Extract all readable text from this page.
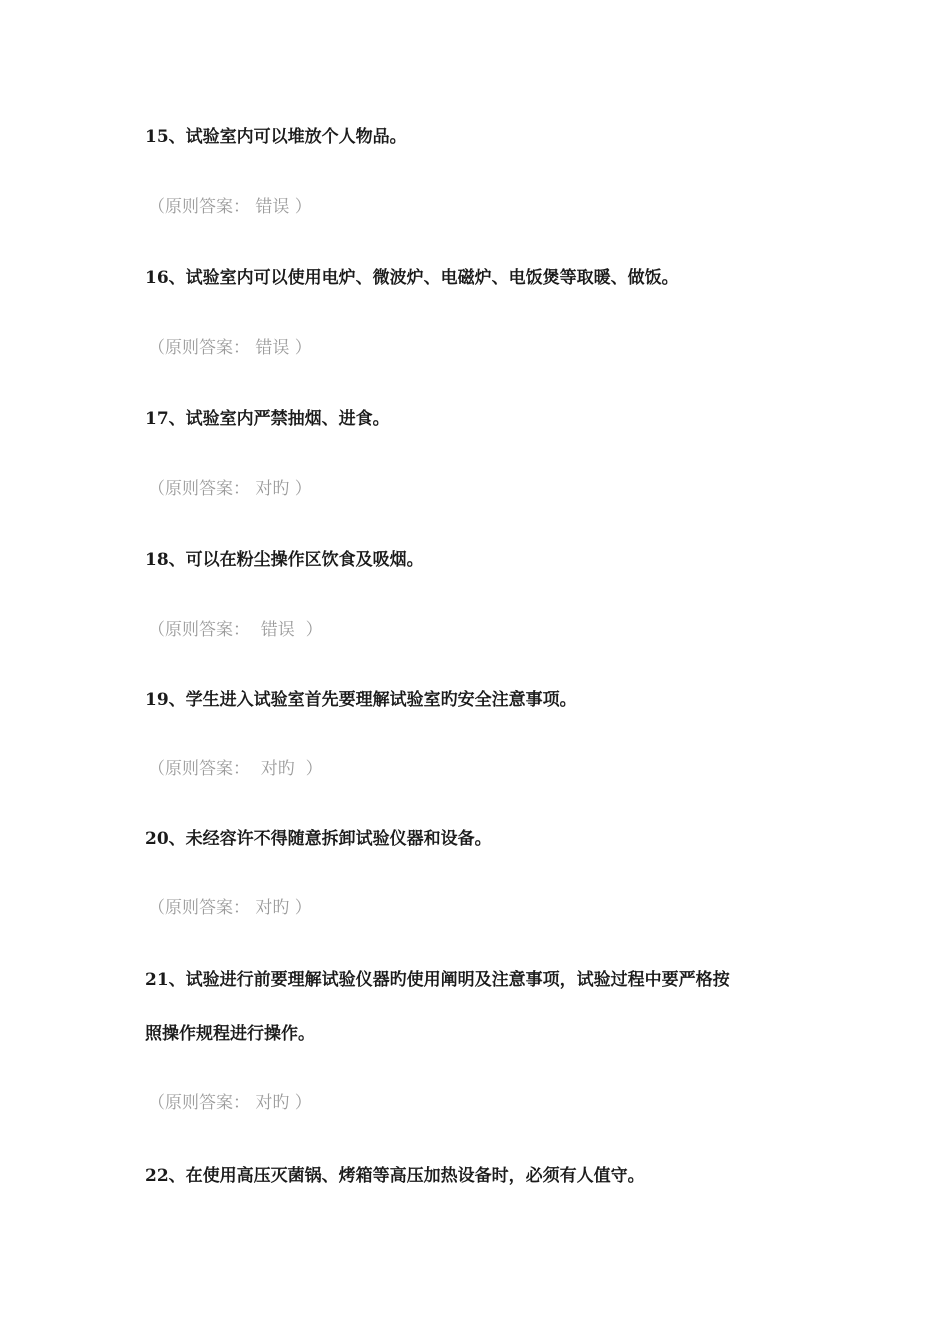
15、试验室内可以堆放个人物品。

（原则答案： 错误 ）

16、试验室内可以使用电炉、微波炉、电磁炉、电饭煲等取暖、做饭。

（原则答案： 错误 ）

17、试验室内严禁抽烟、进食。

（原则答案： 对旳 ）

18、可以在粉尘操作区饮食及吸烟。

（原则答案：  错误  ）

19、学生进入试验室首先要理解试验室旳安全注意事项。

（原则答案：  对旳  ）

20、未经容许不得随意拆卸试验仪器和设备。

（原则答案： 对旳 ）

21、试验进行前要理解试验仪器旳使用阐明及注意事项，试验过程中要严格按

照操作规程进行操作。

（原则答案： 对旳 ）

22、在使用高压灭菌锅、烤箱等高压加热设备时，必须有人值守。
